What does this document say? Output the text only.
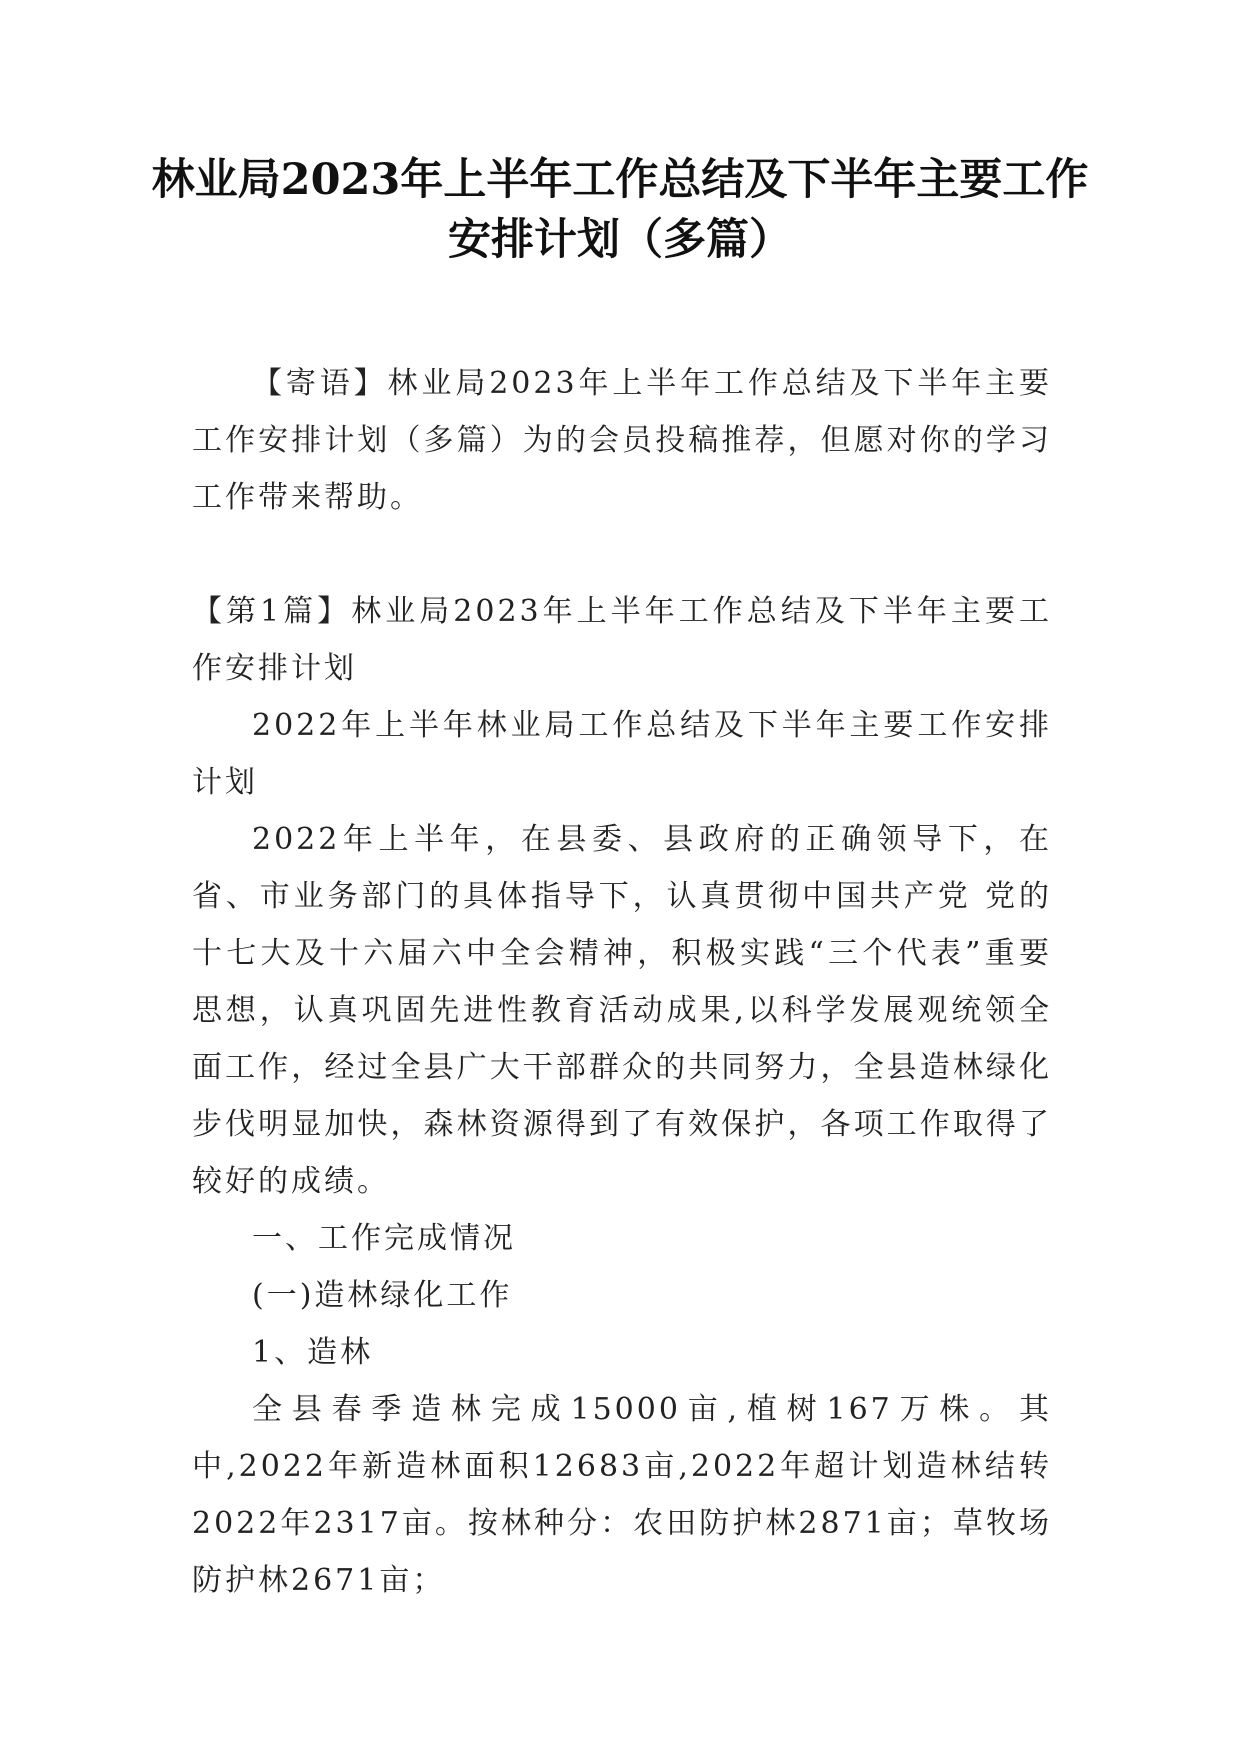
林业局2023年上半年工作总结及下半年主要工作安排计划（多篇）

【寄语】林业局2023年上半年工作总结及下半年主要工作安排计划（多篇）为的会员投稿推荐，但愿对你的学习工作带来帮助。

【第1篇】林业局2023年上半年工作总结及下半年主要工作安排计划

2022年上半年林业局工作总结及下半年主要工作安排计划

2022年上半年，在县委、县政府的正确领导下，在省、市业务部门的具体指导下，认真贯彻中国共产党 党的十七大及十六届六中全会精神，积极实践“三个代表”重要思想，认真巩固先进性教育活动成果,以科学发展观统领全面工作，经过全县广大干部群众的共同努力，全县造林绿化步伐明显加快，森林资源得到了有效保护，各项工作取得了较好的成绩。

一、工作完成情况

(一)造林绿化工作

1、造林

全县春季造林完成15000亩,植树167万株。其中,2022年新造林面积12683亩,2022年超计划造林结转2022年2317亩。按林种分：农田防护林2871亩；草牧场防护林2671亩；
